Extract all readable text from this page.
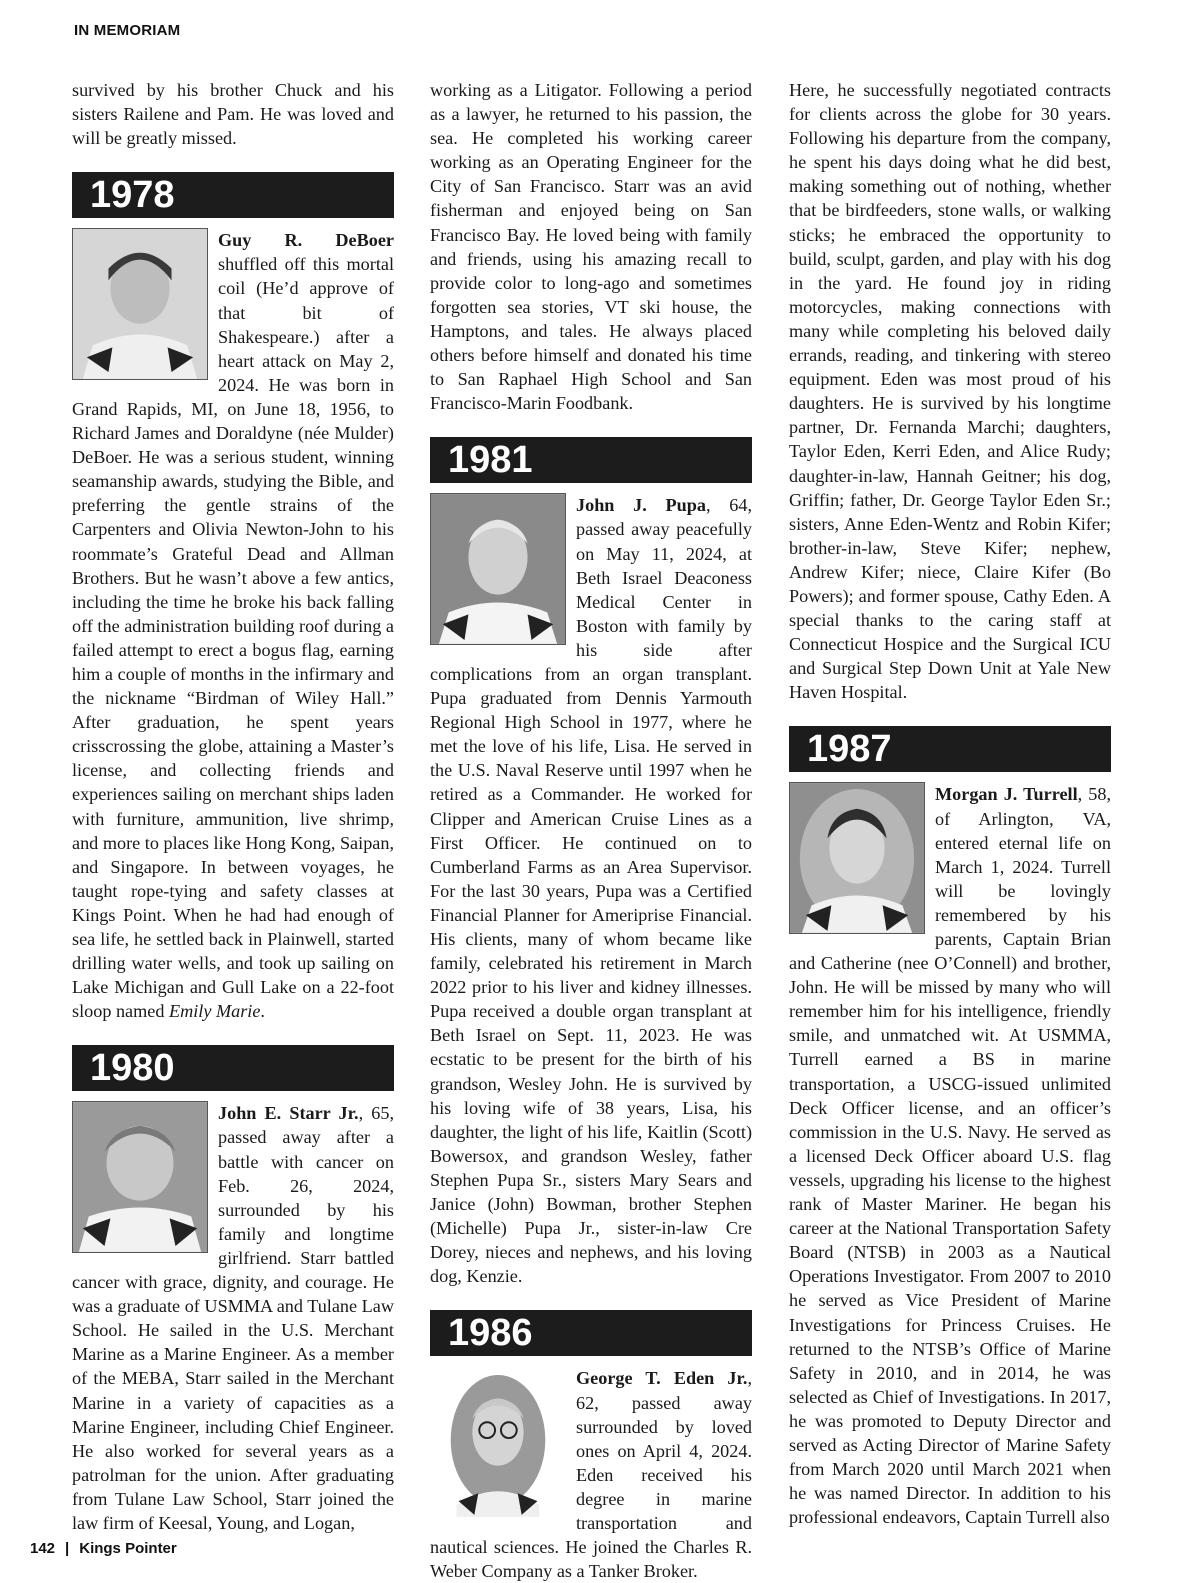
IN MEMORIAM

survived by his brother Chuck and his sisters Railene and Pam. He was loved and will be greatly missed.

1978

Guy R. DeBoer shuffled off this mortal coil (He’d approve of that bit of Shakespeare.) after a heart attack on May 2, 2024. He was born in Grand Rapids, MI, on June 18, 1956, to Richard James and Doraldyne (née Mulder) DeBoer. He was a serious student, winning seamanship awards, studying the Bible, and preferring the gentle strains of the Carpenters and Olivia Newton-John to his roommate’s Grateful Dead and Allman Brothers. But he wasn’t above a few antics, including the time he broke his back falling off the administration building roof during a failed attempt to erect a bogus flag, earning him a couple of months in the infirmary and the nickname “Birdman of Wiley Hall.” After graduation, he spent years crisscrossing the globe, attaining a Master’s license, and collecting friends and experiences sailing on merchant ships laden with furniture, ammunition, live shrimp, and more to places like Hong Kong, Saipan, and Singapore. In between voyages, he taught rope-tying and safety classes at Kings Point. When he had had enough of sea life, he settled back in Plainwell, started drilling water wells, and took up sailing on Lake Michigan and Gull Lake on a 22-foot sloop named Emily Marie.

1980

John E. Starr Jr., 65, passed away after a battle with cancer on Feb. 26, 2024, surrounded by his family and longtime girlfriend. Starr battled cancer with grace, dignity, and courage. He was a graduate of USMMA and Tulane Law School. He sailed in the U.S. Merchant Marine as a Marine Engineer. As a member of the MEBA, Starr sailed in the Merchant Marine in a variety of capacities as a Marine Engineer, including Chief Engineer. He also worked for several years as a patrolman for the union. After graduating from Tulane Law School, Starr joined the law firm of Keesal, Young, and Logan,

working as a Litigator. Following a period as a lawyer, he returned to his passion, the sea. He completed his working career working as an Operating Engineer for the City of San Francisco. Starr was an avid fisherman and enjoyed being on San Francisco Bay. He loved being with family and friends, using his amazing recall to provide color to long-ago and sometimes forgotten sea stories, VT ski house, the Hamptons, and tales. He always placed others before himself and donated his time to San Raphael High School and San Francisco-Marin Foodbank.

1981

John J. Pupa, 64, passed away peacefully on May 11, 2024, at Beth Israel Deaconess Medical Center in Boston with family by his side after complications from an organ transplant. Pupa graduated from Dennis Yarmouth Regional High School in 1977, where he met the love of his life, Lisa. He served in the U.S. Naval Reserve until 1997 when he retired as a Commander. He worked for Clipper and American Cruise Lines as a First Officer. He continued on to Cumberland Farms as an Area Supervisor. For the last 30 years, Pupa was a Certified Financial Planner for Ameriprise Financial. His clients, many of whom became like family, celebrated his retirement in March 2022 prior to his liver and kidney illnesses. Pupa received a double organ transplant at Beth Israel on Sept. 11, 2023. He was ecstatic to be present for the birth of his grandson, Wesley John. He is survived by his loving wife of 38 years, Lisa, his daughter, the light of his life, Kaitlin (Scott) Bowersox, and grandson Wesley, father Stephen Pupa Sr., sisters Mary Sears and Janice (John) Bowman, brother Stephen (Michelle) Pupa Jr., sister-in-law Cre Dorey, nieces and nephews, and his loving dog, Kenzie.

1986

George T. Eden Jr., 62, passed away surrounded by loved ones on April 4, 2024. Eden received his degree in marine transportation and nautical sciences. He joined the Charles R. Weber Company as a Tanker Broker.

Here, he successfully negotiated contracts for clients across the globe for 30 years. Following his departure from the company, he spent his days doing what he did best, making something out of nothing, whether that be birdfeeders, stone walls, or walking sticks; he embraced the opportunity to build, sculpt, garden, and play with his dog in the yard. He found joy in riding motorcycles, making connections with many while completing his beloved daily errands, reading, and tinkering with stereo equipment. Eden was most proud of his daughters. He is survived by his longtime partner, Dr. Fernanda Marchi; daughters, Taylor Eden, Kerri Eden, and Alice Rudy; daughter-in-law, Hannah Geitner; his dog, Griffin; father, Dr. George Taylor Eden Sr.; sisters, Anne Eden-Wentz and Robin Kifer; brother-in-law, Steve Kifer; nephew, Andrew Kifer; niece, Claire Kifer (Bo Powers); and former spouse, Cathy Eden. A special thanks to the caring staff at Connecticut Hospice and the Surgical ICU and Surgical Step Down Unit at Yale New Haven Hospital.

1987

Morgan J. Turrell, 58, of Arlington, VA, entered eternal life on March 1, 2024. Turrell will be lovingly remembered by his parents, Captain Brian and Catherine (nee O’Connell) and brother, John. He will be missed by many who will remember him for his intelligence, friendly smile, and unmatched wit. At USMMA, Turrell earned a BS in marine transportation, a USCG-issued unlimited Deck Officer license, and an officer’s commission in the U.S. Navy. He served as a licensed Deck Officer aboard U.S. flag vessels, upgrading his license to the highest rank of Master Mariner. He began his career at the National Transportation Safety Board (NTSB) in 2003 as a Nautical Operations Investigator. From 2007 to 2010 he served as Vice President of Marine Investigations for Princess Cruises. He returned to the NTSB’s Office of Marine Safety in 2010, and in 2014, he was selected as Chief of Investigations. In 2017, he was promoted to Deputy Director and served as Acting Director of Marine Safety from March 2020 until March 2021 when he was named Director. In addition to his professional endeavors, Captain Turrell also

142 | Kings Pointer
